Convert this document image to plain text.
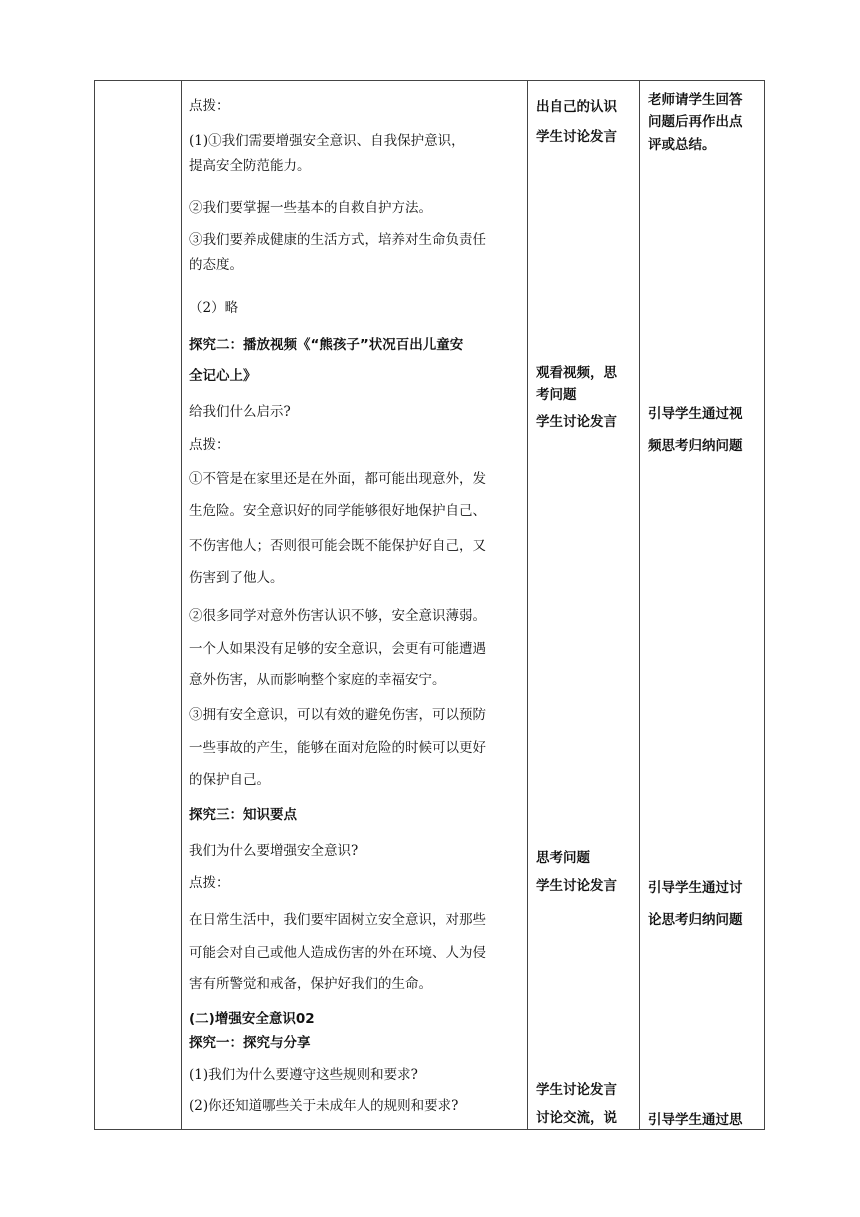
点拨：
(1)①我们需要增强安全意识、自我保护意识，
提高安全防范能力。
②我们要掌握一些基本的自救自护方法。
③我们要养成健康的生活方式，培养对生命负责任
的态度。
（2）略
探究二：播放视频《“熊孩子”状况百出儿童安
全记心上》
给我们什么启示?
点拨：
①不管是在家里还是在外面，都可能出现意外，发
生危险。安全意识好的同学能够很好地保护自己、
不伤害他人；否则很可能会既不能保护好自己，又
伤害到了他人。
②很多同学对意外伤害认识不够，安全意识薄弱。
一个人如果没有足够的安全意识，会更有可能遭遇
意外伤害，从而影响整个家庭的幸福安宁。
③拥有安全意识，可以有效的避免伤害，可以预防
一些事故的产生，能够在面对危险的时候可以更好
的保护自己。
探究三：知识要点
我们为什么要增强安全意识?
点拨：
在日常生活中，我们要牢固树立安全意识，对那些
可能会对自己或他人造成伤害的外在环境、人为侵
害有所警觉和戒备，保护好我们的生命。
(二)增强安全意识02
探究一：探究与分享
(1)我们为什么要遵守这些规则和要求?
(2)你还知道哪些关于未成年人的规则和要求?
出自己的认识
学生讨论发言
观看视频，思
考问题
学生讨论发言
思考问题
学生讨论发言
学生讨论发言
讨论交流，说
老师请学生回答
问题后再作出点
评或总结。
引导学生通过视
频思考归纳问题
引导学生通过讨
论思考归纳问题
引导学生通过思
